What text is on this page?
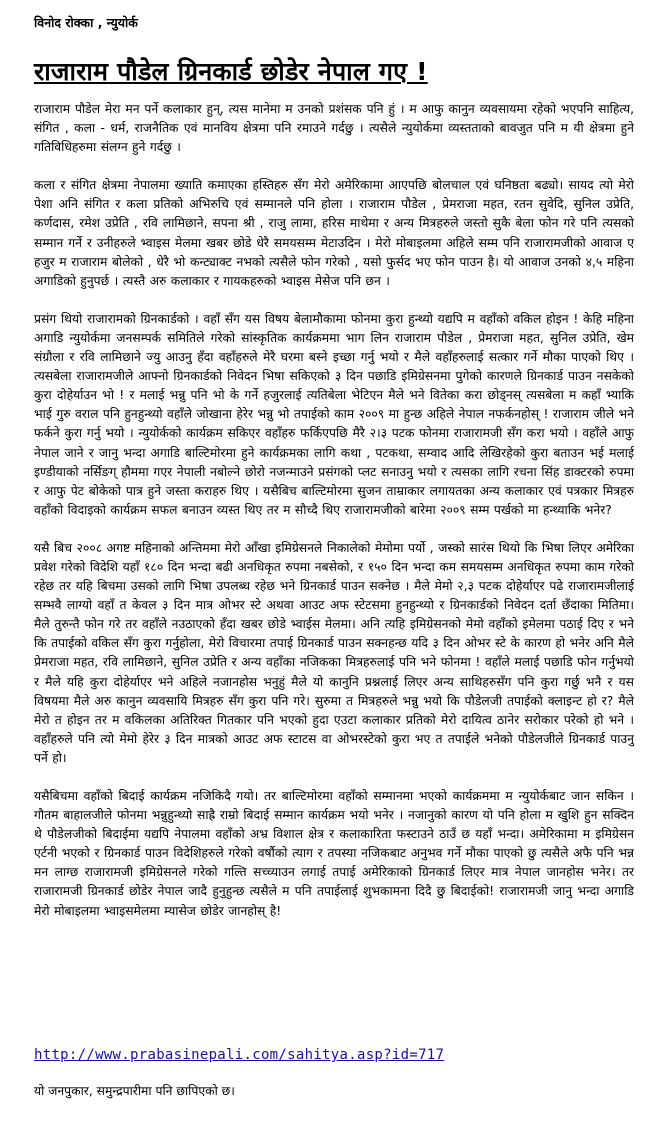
विनोद रोक्का , न्युयोर्क
राजाराम पौडेल ग्रिनकार्ड छोडेर नेपाल गए !

राजाराम पौडेल मेरा मन पर्ने कलाकार हुन्, त्यस मानेमा म उनको प्रशंसक पनि हुं । म आफु कानुन व्यवसायमा रहेको भएपनि साहित्य, संगित , कला - धर्म, राजनैतिक एवं मानविय क्षेत्रमा पनि रमाउने गर्दछु । त्यसैले न्युयोर्कमा व्यस्तताको बावजुत पनि म यी क्षेत्रमा हुने गतिविधिहरुमा संलग्न हुने गर्दछु ।

कला र संगित क्षेत्रमा नेपालमा ख्याति कमाएका हस्तिहरु सँग मेरो अमेरिकामा आएपछि बोलचाल एवं घनिष्ठता बढ्यो। सायद त्यो मेरो पेशा अनि संगित र कला प्रतिको अभिरुचि एवं सम्मानले पनि होला । राजाराम पौडेल , प्रेमराजा महत, रतन सुवेदि, सुनिल उप्रेति, कर्णदास, रमेश उप्रेति , रवि लामिछाने, सपना श्री , राजु लामा, हरिस माथेमा र अन्य मित्रहरुले जस्तो सुकै बेला फोन गरे पनि त्यसको सम्मान गर्ने र उनीहरुले भ्वाइस मेलमा खबर छोडे धेरै समयसम्म मेटाउदिन । मेरो मोबाइलमा अहिले सम्म पनि राजारामजीको आवाज ए हजुर म राजाराम बोलेको , धेरै भो कन्ट्याक्ट नभको त्यसैले फोन गरेको , यसो फुर्सद भए फोन पाउन है। यो आवाज उनको ४,५ महिना अगाडिको हुनुपर्छ । त्यस्तै अरु कलाकार र गायकहरुको भ्वाइस मेसेज पनि छन ।

प्रसंग थियो राजारामको ग्रिनकार्डको । वहाँ सँग यस विषय बेलामौकामा फोनमा कुरा हुन्थ्यो यद्यपि म वहाँको वकिल होइन ! केहि महिना अगाडि न्युयोर्कमा जनसम्पर्क समितिले गरेको सांस्कृतिक कार्यक्रममा भाग लिन राजाराम पौडेल , प्रेमराजा महत, सुनिल उप्रेति, खेम संग्रौला र रवि लामिछाने ज्यु आउनु हँदा वहाँहरुले मेरै घरमा बस्ने इच्छा गर्नु भयो र मैले वहाँहरुलाई सत्कार गर्ने मौका पाएको थिए । त्यसबेला राजारामजीले आफ्नो ग्रिनकार्डको निवेदन भिषा सकिएको ३ दिन पछाडि इमिग्रेसनमा पुगेको कारणले ग्रिनकार्ड पाउन नसकेको कुरा दोहेर्याउन भो ! र मलाई भन्नु पनि भो के गर्ने हजुरलाई त्यतिबेला भेटिएन मैले भने वितेका करा छोड्नस् त्यसबेला म कहाँ भ्याकि भाई गुरु वराल पनि हुनहुन्थ्यो वहाँले जोखाना हेरेर भन्नु भो तपाईको काम २००९ मा हुन्छ अहिले नेपाल नफर्कनहोस् ! राजाराम जीले भने फर्कने कुरा गर्नु भयो । न्युयोर्कको कार्यक्रम सकिएर वहाँहरु फर्किएपछि मैरै २।३ पटक फोनमा राजारामजी सँग करा भयो । वहाँले आफु नेपाल जाने र जानु भन्दा अगाडि बाल्टिमोरमा हुने कार्यक्रमका लागि कथा , पटकथा, सम्वाद आदि लेखिरहेको कुरा बताउन भई मलाई इण्डीयाको नर्सिङग् हौममा गएर नेपाली नबोल्ने छोरो नजन्माउने प्रसंगको प्लट सनाउनु भयो र त्यसका लागि रचना सिंह डाक्टरको रुपमा र आफु पेट बोकेको पात्र हुने जस्ता कराहरु थिए । यसैबिच बाल्टिमोरमा सुजन ताम्राकार लगायतका अन्य कलाकार एवं पत्रकार मित्रहरु वहाँको विदाइको कार्यक्रम सफल बनाउन व्यस्त थिए तर म सौच्दै थिए राजारामजीको बारेमा २००९ सम्म पर्खको मा हन्थ्याकि भनेर?

यसै बिच २००८ अगष्ट महिनाको अन्तिममा मेरो आँखा इमिग्रेसनले निकालेको मेमोमा पर्यो , जस्को सारंस थियो कि भिषा लिएर अमेरिका प्रवेश गरेको विदेशि यहाँ १८० दिन भन्दा बढी अनधिकृत रुपमा नबसेको, र १५० दिन भन्दा कम समयसम्म अनधिकृत रुपमा काम गरेको रहेछ तर यहि बिचमा उसको लागि भिषा उपलब्ध रहेछ भने ग्रिनकार्ड पाउन सक्नेछ । मैले मेमो २,३ पटक दोहेर्याएर पढे राजारामजीलाई सम्भवै लाग्यो वहाँ त केवल ३ दिन मात्र ओभर स्टे अथवा आउट अफ स्टेटसमा हुनहुन्थ्यो र ग्रिनकार्डको निवेदन दर्ता छँदाका मितिमा। मैले तुरुन्तै फोन गरे तर वहाँले नउठाएको हँदा खबर छोडे भ्वाईस मेलमा। अनि त्यहि इमिग्रेसनको मेमो वहाँको इमेलमा पठाई दिए र भने कि तपाईको वकिल सँग कुरा गर्नुहोला, मेरो विचारमा तपाई ग्रिनकार्ड पाउन सक्नहन्छ यदि ३ दिन ओभर स्टे के कारण हो भनेर अनि मैले प्रेमराजा महत, रवि लामिछाने, सुनिल उप्रेति र अन्य वहाँका नजिकका मित्रहरुलाई पनि भने फोनमा ! वहाँले मलाई पछाडि फोन गर्नुभयो र मैले यहि कुरा दोहेर्याएर भने अहिले नजानहोस भनुहुं मैले यो कानुनि प्रश्नलाई लिएर अन्य साथिहरुसँग पनि कुरा गर्छु भनै र यस विषयमा मैले अरु कानुन व्यवसायि मित्रहरु सँग कुरा पनि गरे। सुरुमा त मित्रहरुले भन्नु भयो कि पौडेलजी तपाईको क्लाइन्ट हो र? मैले मेरो त होइन तर म वकिलका अतिरिक्त गितकार पनि भएको हुदा एउटा कलाकार प्रतिको मेरो दायित्व ठानेर सरोकार परेको हो भने । वहाँहरुले पनि त्यो मेमो हेरेर ३ दिन मात्रको आउट अफ स्टाटस वा ओभरस्टेको कुरा भए त तपाईले भनेको पौडेलजीले ग्रिनकार्ड पाउनु पर्ने हो।

यसैबिचमा वहाँको बिदाई कार्यक्रम नजिकिदै गयो। तर बाल्टिमोरमा वहाँको सम्मानमा भएको कार्यक्रममा म न्युयोर्कबाट जान सकिन । गौतम बाहालजीले फोनमा भन्नुहुन्थ्यो साह्रै राम्रो बिदाई सम्मान कार्यक्रम भयो भनेर । नजानुको कारण यो पनि होला म खुशि हुन सक्दिन थे पौडेलजीको बिदाईमा यद्यपि नेपालमा वहाँको अभ्र विशाल क्षेत्र र कलाकारिता फस्टाउने ठाउँ छ यहाँ भन्दा। अमेरिकामा म इमिग्रेसन एर्टनी भएको र ग्रिनकार्ड पाउन विदेशिहरुले गरेको वर्षौको त्याग र तपस्या नजिकबाट अनुभव गर्ने मौका पाएको छु त्यसैले अफै पनि भन्न मन लाग्छ राजारामजी इमिग्रेसनले गरेको गल्ति सच्च्याउन लगाई तपाई अमेरिकाको ग्रिनकार्ड लिएर मात्र नेपाल जानहोस भनेर। तर राजारामजी ग्रिनकार्ड छोडेर नेपाल जादै हुनुहुन्छ त्यसैले म पनि तपाईलाई शुभकामना दिदै छु बिदाईको! राजारामजी जानु भन्दा अगाडि मेरो मोबाइलमा भ्वाइसमेलमा म्यासेज छोडेर जानहोस् है!

http://www.prabasinepali.com/sahitya.asp?id=717
यो जनपुकार, समुन्द्रपारीमा पनि छापिएको छ।
